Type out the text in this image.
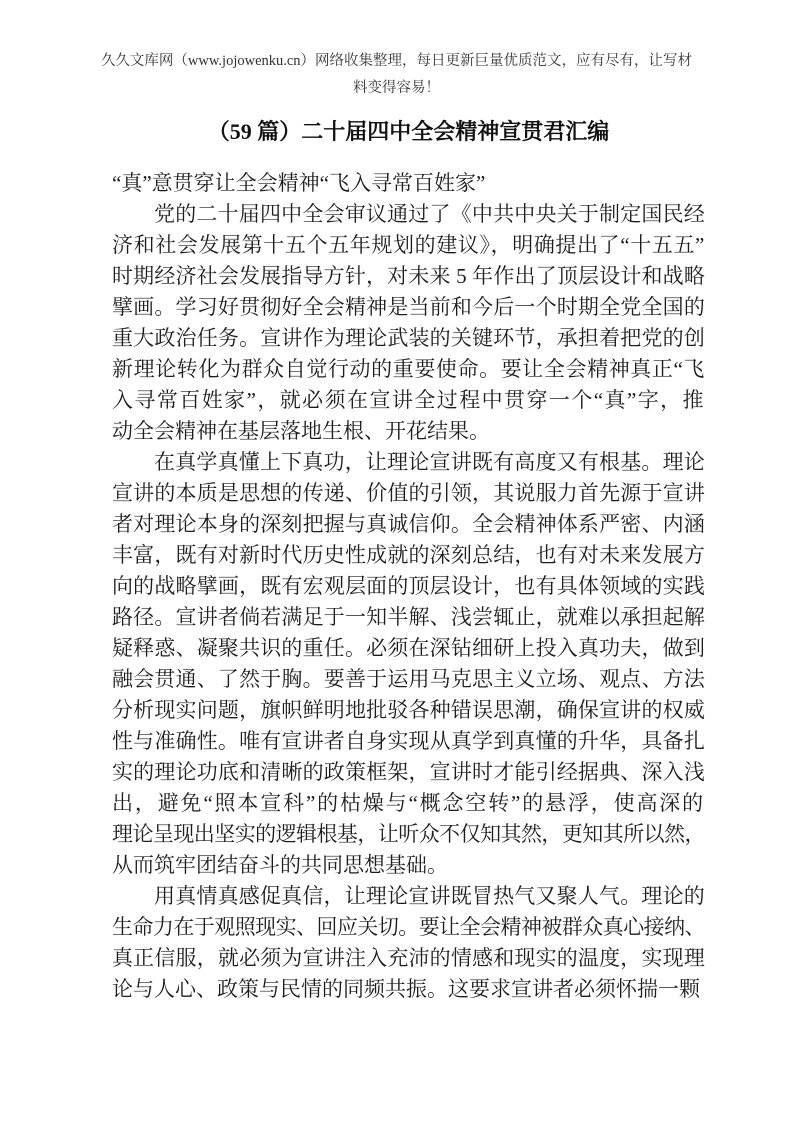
久久文库网（www.jojowenku.cn）网络收集整理，每日更新巨量优质范文，应有尽有，让写材料变得容易！
（59 篇）二十届四中全会精神宣贯君汇编
“真”意贯穿让全会精神“飞入寻常百姓家”
党的二十届四中全会审议通过了《中共中央关于制定国民经
济和社会发展第十五个五年规划的建议》，明确提出了“十五五”
时期经济社会发展指导方针，对未来 5 年作出了顶层设计和战略
擘画。学习好贯彻好全会精神是当前和今后一个时期全党全国的
重大政治任务。宣讲作为理论武装的关键环节，承担着把党的创
新理论转化为群众自觉行动的重要使命。要让全会精神真正“飞
入寻常百姓家”，就必须在宣讲全过程中贯穿一个“真”字，推
动全会精神在基层落地生根、开花结果。
在真学真懂上下真功，让理论宣讲既有高度又有根基。理论
宣讲的本质是思想的传递、价值的引领，其说服力首先源于宣讲
者对理论本身的深刻把握与真诚信仰。全会精神体系严密、内涵
丰富，既有对新时代历史性成就的深刻总结，也有对未来发展方
向的战略擘画，既有宏观层面的顶层设计，也有具体领域的实践
路径。宣讲者倘若满足于一知半解、浅尝辄止，就难以承担起解
疑释惑、凝聚共识的重任。必须在深钻细研上投入真功夫，做到
融会贯通、了然于胸。要善于运用马克思主义立场、观点、方法
分析现实问题，旗帜鲜明地批驳各种错误思潮，确保宣讲的权威
性与准确性。唯有宣讲者自身实现从真学到真懂的升华，具备扎
实的理论功底和清晰的政策框架，宣讲时才能引经据典、深入浅
出，避免“照本宣科”的枯燥与“概念空转”的悬浮，使高深的
理论呈现出坚实的逻辑根基，让听众不仅知其然，更知其所以然，
从而筑牢团结奋斗的共同思想基础。
用真情真感促真信，让理论宣讲既冒热气又聚人气。理论的
生命力在于观照现实、回应关切。要让全会精神被群众真心接纳、
真正信服，就必须为宣讲注入充沛的情感和现实的温度，实现理
论与人心、政策与民情的同频共振。这要求宣讲者必须怀揣一颗
